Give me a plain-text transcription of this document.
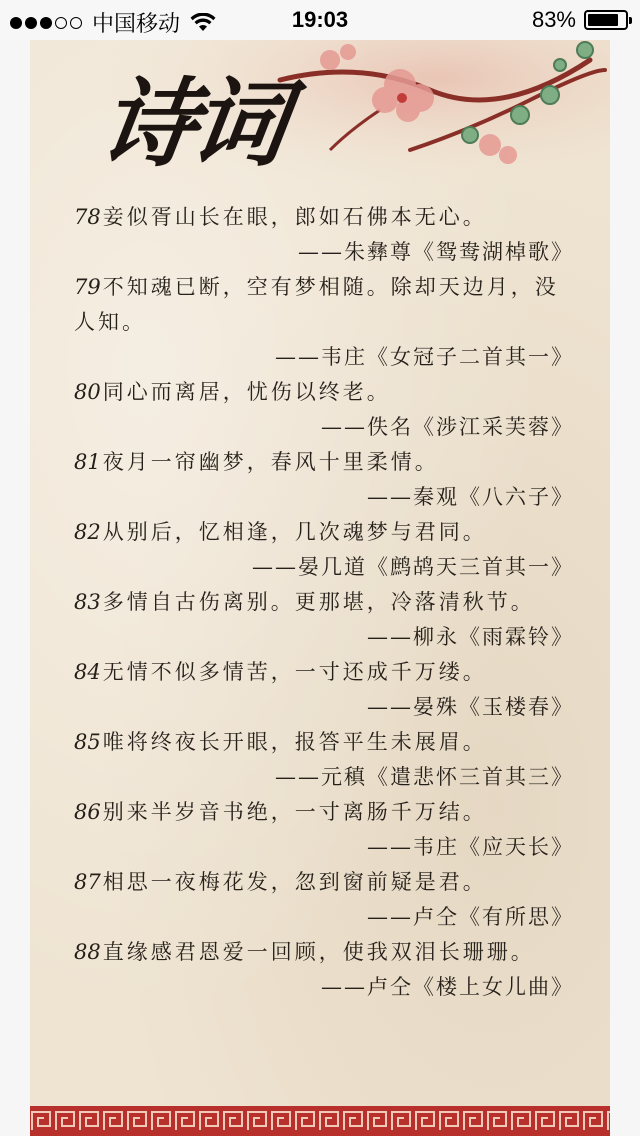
中国移动	19:03	83%
诗词
78妾似胥山长在眼，郎如石佛本无心。
——朱彝尊《鸳鸯湖棹歌》
79不知魂已断，空有梦相随。除却天边月，没人知。
——韦庄《女冠子二首其一》
80同心而离居，忧伤以终老。
——佚名《涉江采芙蓉》
81夜月一帘幽梦，春风十里柔情。
——秦观《八六子》
82从别后，忆相逢，几次魂梦与君同。
——晏几道《鹧鸪天三首其一》
83多情自古伤离别。更那堪，冷落清秋节。
——柳永《雨霖铃》
84无情不似多情苦，一寸还成千万缕。
——晏殊《玉楼春》
85唯将终夜长开眼，报答平生未展眉。
——元稹《遣悲怀三首其三》
86别来半岁音书绝，一寸离肠千万结。
——韦庄《应天长》
87相思一夜梅花发，忽到窗前疑是君。
——卢仝《有所思》
88直缘感君恩爱一回顾，使我双泪长珊珊。
——卢仝《楼上女儿曲》
